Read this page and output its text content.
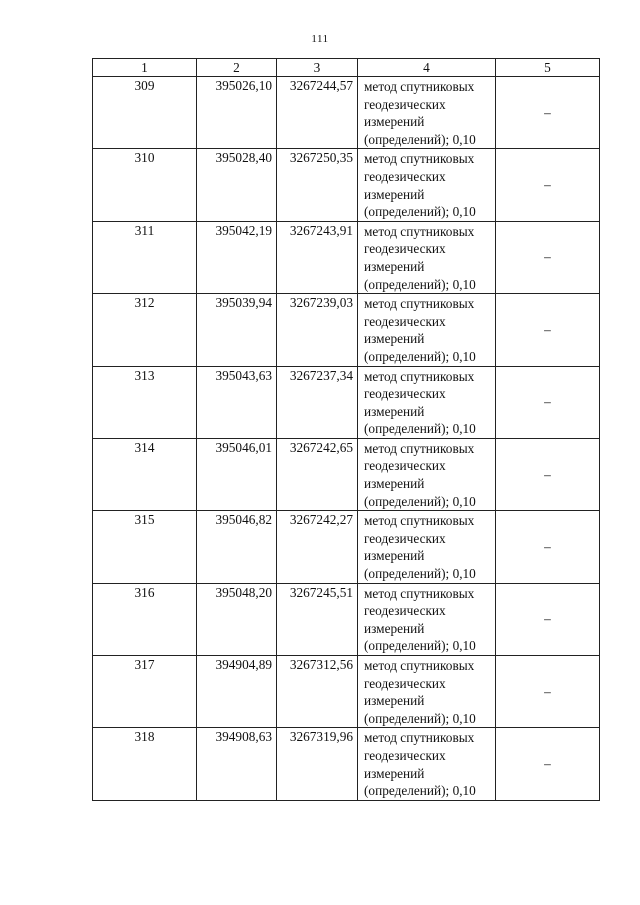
111
1	2	3	4	5
309	395026,10	3267244,57	метод спутниковых
геодезических
измерений
(определений); 0,10	–
310	395028,40	3267250,35	метод спутниковых
геодезических
измерений
(определений); 0,10	–
311	395042,19	3267243,91	метод спутниковых
геодезических
измерений
(определений); 0,10	–
312	395039,94	3267239,03	метод спутниковых
геодезических
измерений
(определений); 0,10	–
313	395043,63	3267237,34	метод спутниковых
геодезических
измерений
(определений); 0,10	–
314	395046,01	3267242,65	метод спутниковых
геодезических
измерений
(определений); 0,10	–
315	395046,82	3267242,27	метод спутниковых
геодезических
измерений
(определений); 0,10	–
316	395048,20	3267245,51	метод спутниковых
геодезических
измерений
(определений); 0,10	–
317	394904,89	3267312,56	метод спутниковых
геодезических
измерений
(определений); 0,10	–
318	394908,63	3267319,96	метод спутниковых
геодезических
измерений
(определений); 0,10	–
